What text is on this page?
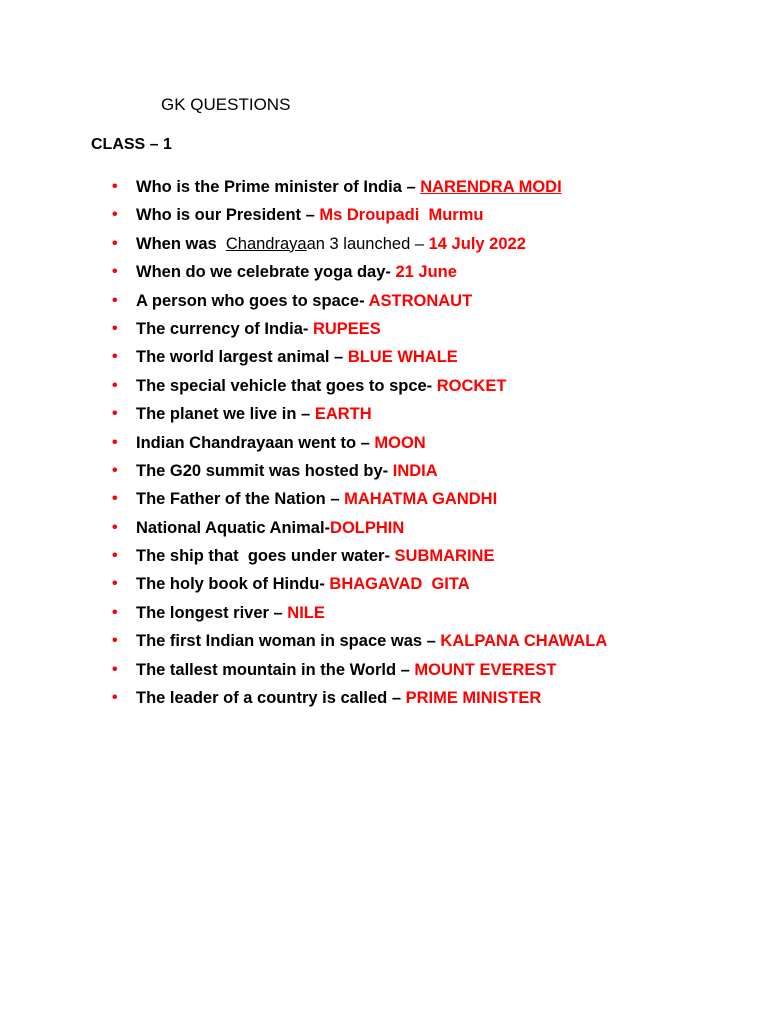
GK QUESTIONS
CLASS – 1
• Who is the Prime minister of India – NARENDRA MODI
• Who is our President – Ms Droupadi  Murmu
• When was  Chandrayaan 3 launched – 14 July 2022
• When do we celebrate yoga day- 21 June
• A person who goes to space- ASTRONAUT
• The currency of India- RUPEES
• The world largest animal – BLUE WHALE
• The special vehicle that goes to spce- ROCKET
• The planet we live in – EARTH
• Indian Chandrayaan went to – MOON
• The G20 summit was hosted by- INDIA
• The Father of the Nation – MAHATMA GANDHI
• National Aquatic Animal-DOLPHIN
• The ship that  goes under water- SUBMARINE
• The holy book of Hindu- BHAGAVAD  GITA
• The longest river – NILE
• The first Indian woman in space was – KALPANA CHAWALA
• The tallest mountain in the World – MOUNT EVEREST
• The leader of a country is called – PRIME MINISTER
